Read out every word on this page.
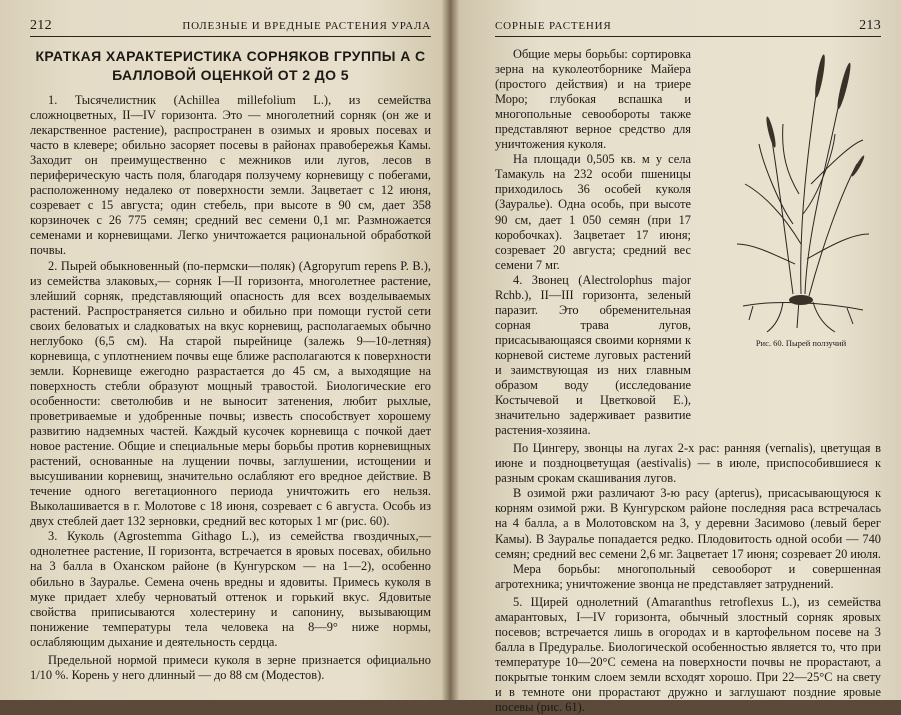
212	ПОЛЕЗНЫЕ И ВРЕДНЫЕ РАСТЕНИЯ УРАЛА
КРАТКАЯ ХАРАКТЕРИСТИКА СОРНЯКОВ ГРУППЫ А С БАЛЛОВОЙ ОЦЕНКОЙ ОТ 2 ДО 5

1. Тысячелистник (Achillea millefolium L.), из семейства сложноцветных, II—IV горизонта. Это — многолетний сорняк (он же и лекарственное растение), распространен в озимых и яровых посевах и часто в клевере; обильно засоряет посевы в районах правобережья Камы. Заходит он преимущественно с межников или лугов, лесов в периферическую часть поля, благодаря ползучему корневищу с побегами, расположенному недалеко от поверхности земли. Зацветает с 12 июня, созревает с 15 августа; один стебель, при высоте в 90 см, дает 358 корзиночек с 26 775 семян; средний вес семени 0,1 мг. Размножается семенами и корневищами. Легко уничтожается рациональной обработкой почвы.

2. Пырей обыкновенный (по-пермски—поляк) (Agropyrum repens P. B.), из семейства злаковых,— сорняк I—II горизонта, многолетнее растение, злейший сорняк, представляющий опасность для всех возделываемых растений. Распространяется сильно и обильно при помощи густой сети своих беловатых и сладковатых на вкус корневищ, располагаемых обычно неглубоко (6,5 см). На старой пырейнице (залежь 9—10-летняя) корневища, с уплотнением почвы еще ближе располагаются к поверхности земли. Корневище ежегодно разрастается до 45 см, а выходящие на поверхность стебли образуют мощный травостой. Биологические его особенности: светолюбив и не выносит затенения, любит рыхлые, проветриваемые и удобренные почвы; известь способствует хорошему развитию надземных частей. Каждый кусочек корневища с почкой дает новое растение. Общие и специальные меры борьбы против корневищных растений, основанные на лущении почвы, заглушении, истощении и высушивании корневищ, значительно ослабляют его вредное действие. В течение одного вегетационного периода уничтожить его нельзя. Выколашивается в г. Молотове с 18 июня, созревает с 6 августа. Особь из двух стеблей дает 132 зерновки, средний вес которых 1 мг (рис. 60).

3. Куколь (Agrostemma Githago L.), из семейства гвоздичных,— однолетнее растение, II горизонта, встречается в яровых посевах, обильно на 3 балла в Оханском районе (в Кунгурском — на 1—2), особенно обильно в Зауралье. Семена очень вредны и ядовиты. Примесь куколя в муке придает хлебу черноватый оттенок и горький вкус. Ядовитые свойства приписываются холестерину и сапонину, вызывающим понижение температуры тела человека на 8—9° ниже нормы, ослабляющим дыхание и деятельность сердца.

Предельной нормой примеси куколя в зерне признается официально 1/10 %. Корень у него длинный — до 88 см (Модестов).

СОРНЫЕ РАСТЕНИЯ	213

Общие меры борьбы: сортировка зерна на куколеотборнике Майера (простого действия) и на триере Моро; глубокая вспашка и многопольные севообороты также представляют верное средство для уничтожения куколя.

На площади 0,505 кв. м у села Тамакуль на 232 особи пшеницы приходилось 36 особей куколя (Зауралье). Одна особь, при высоте 90 см, дает 1 050 семян (при 17 коробочках). Зацветает 17 июня; созревает 20 августа; средний вес семени 7 мг.

4. Звонец (Alectrolophus major Rchb.), II—III горизонта, зеленый паразит. Это обременительная сорная трава лугов, присасывающаяся своими корнями к корневой системе луговых растений и заимствующая из них главным образом воду (исследование Костычевой и Цветковой Е.), значительно задерживает развитие растения-хозяина.

По Цингеру, звонцы на лугах 2-х рас: ранняя (vernalis), цветущая в июне и поздноцветущая (aestivalis) — в июле, приспособившиеся к разным срокам скашивания лугов.

В озимой ржи различают 3-ю расу (apterus), присасывающуюся к корням озимой ржи. В Кунгурском районе последняя раса встречалась на 4 балла, а в Молотовском на 3, у деревни Засимово (левый берег Камы). В Зауралье попадается редко. Плодовитость одной особи — 740 семян; средний вес семени 2,6 мг. Зацветает 17 июня; созревает 20 июля.

Мера борьбы: многопольный севооборот и совершенная агротехника; уничтожение звонца не представляет затруднений.

5. Щирей однолетний (Amaranthus retroflexus L.), из семейства амарантовых, I—IV горизонта, обычный злостный сорняк яровых посевов; встречается лишь в огородах и в картофельном посеве на 3 балла в Предуралье. Биологической особенностью является то, что при температуре 10—20°С семена на поверхности почвы не прорастают, а покрытые тонким слоем земли всходят хорошо. При 22—25°С на свету и в темноте они прорастают дружно и заглушают поздние яровые посевы (рис. 61).

Рис. 60. Пырей ползучий
